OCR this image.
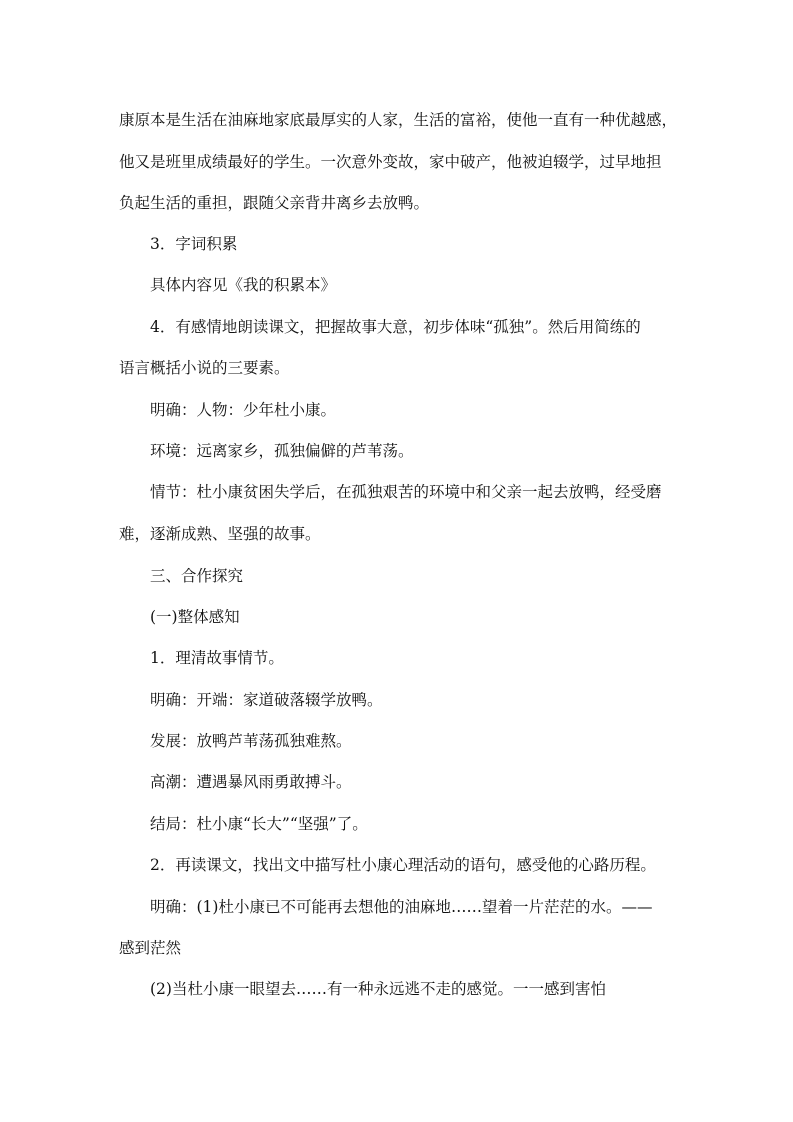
康原本是生活在油麻地家底最厚实的人家，生活的富裕，使他一直有一种优越感，
他又是班里成绩最好的学生。一次意外变故，家中破产，他被迫辍学，过早地担
负起生活的重担，跟随父亲背井离乡去放鸭。
3．字词积累
具体内容见《我的积累本》
4．有感情地朗读课文，把握故事大意，初步体味“孤独”。然后用简练的
语言概括小说的三要素。
明确：人物：少年杜小康。
环境：远离家乡，孤独偏僻的芦苇荡。
情节：杜小康贫困失学后，在孤独艰苦的环境中和父亲一起去放鸭，经受磨
难，逐渐成熟、坚强的故事。
三、合作探究
(一)整体感知
1．理清故事情节。
明确：开端：家道破落辍学放鸭。
发展：放鸭芦苇荡孤独难熬。
高潮：遭遇暴风雨勇敢搏斗。
结局：杜小康“长大”“坚强”了。
2．再读课文，找出文中描写杜小康心理活动的语句，感受他的心路历程。
明确：(1)杜小康已不可能再去想他的油麻地……望着一片茫茫的水。——
感到茫然
(2)当杜小康一眼望去……有一种永远逃不走的感觉。一一感到害怕
